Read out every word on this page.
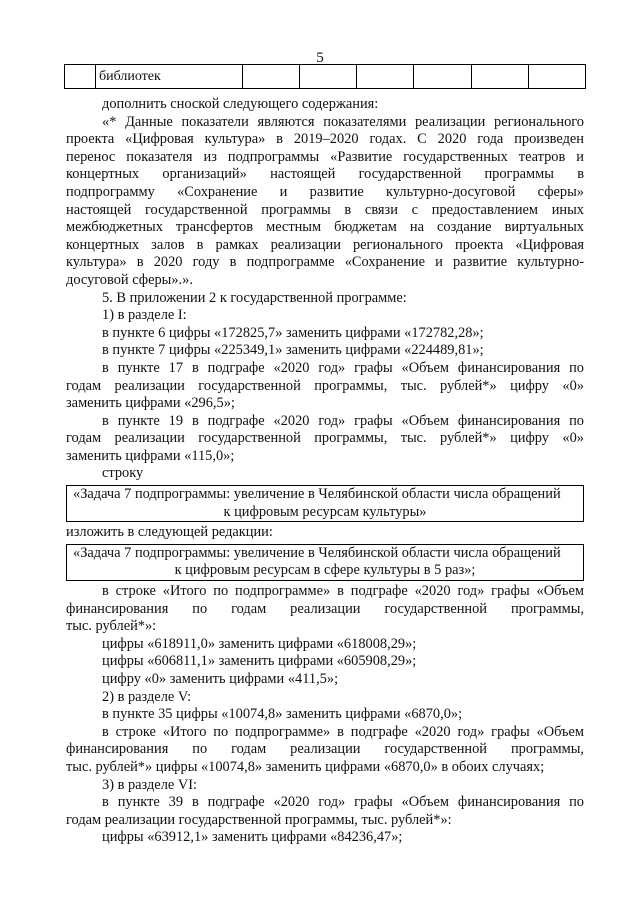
5
	библиотек						

дополнить сноской следующего содержания:

«* Данные показатели являются показателями реализации регионального

проекта «Цифровая культура» в 2019–2020 годах. С 2020 года произведен

перенос показателя из подпрограммы «Развитие государственных театров и

концертных организаций» настоящей государственной программы в

подпрограмму «Сохранение и развитие культурно-досуговой сферы»

настоящей государственной программы в связи с предоставлением иных

межбюджетных трансфертов местным бюджетам на создание виртуальных

концертных залов в рамках реализации регионального проекта «Цифровая

культура» в 2020 году в подпрограмме «Сохранение и развитие культурно-

досуговой сферы».».

5. В приложении 2 к государственной программе:

1) в разделе I:

в пункте 6 цифры «172825,7» заменить цифрами «172782,28»;

в пункте 7 цифры «225349,1» заменить цифрами «224489,81»;

в пункте 17 в подграфе «2020 год» графы «Объем финансирования по

годам реализации государственной программы, тыс. рублей*» цифру «0»

заменить цифрами «296,5»;

в пункте 19 в подграфе «2020 год» графы «Объем финансирования по

годам реализации государственной программы, тыс. рублей*» цифру «0»

заменить цифрами «115,0»;

строку

«Задача 7 подпрограммы: увеличение в Челябинской области числа обращений

к цифровым ресурсам культуры»

изложить в следующей редакции:

«Задача 7 подпрограммы: увеличение в Челябинской области числа обращений

к цифровым ресурсам в сфере культуры в 5 раз»;

в строке «Итого по подпрограмме» в подграфе «2020 год» графы «Объем

финансирования по годам реализации государственной программы,

тыс. рублей*»:

цифры «618911,0» заменить цифрами «618008,29»;

цифры «606811,1» заменить цифрами «605908,29»;

цифру «0» заменить цифрами «411,5»;

2) в разделе V:

в пункте 35 цифры «10074,8» заменить цифрами «6870,0»;

в строке «Итого по подпрограмме» в подграфе «2020 год» графы «Объем

финансирования по годам реализации государственной программы,

тыс. рублей*» цифры «10074,8» заменить цифрами «6870,0» в обоих случаях;

3) в разделе VI:

в пункте 39 в подграфе «2020 год» графы «Объем финансирования по

годам реализации государственной программы, тыс. рублей*»:

цифры «63912,1» заменить цифрами «84236,47»;
